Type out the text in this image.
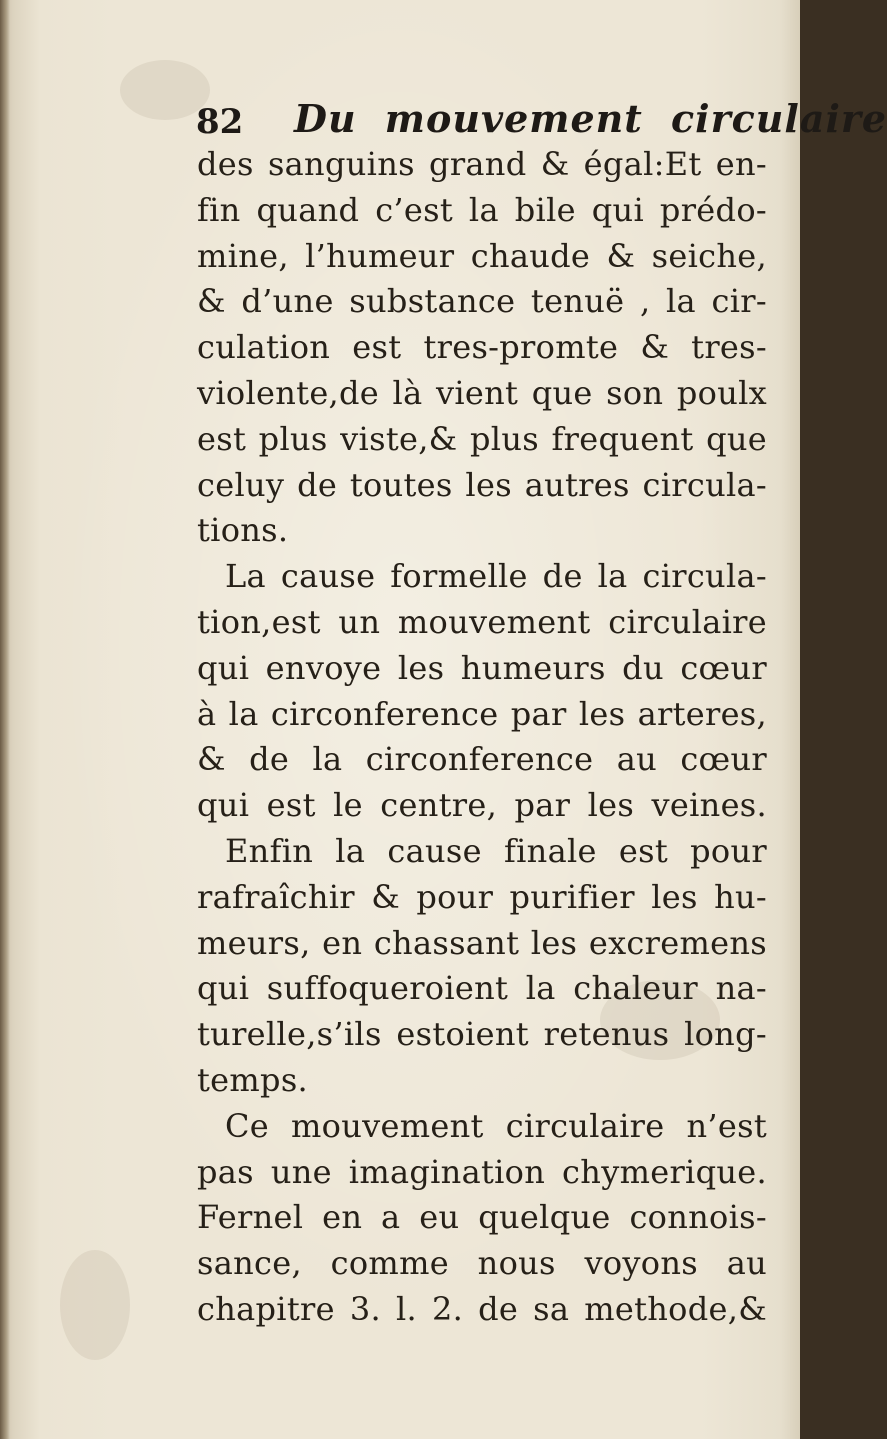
82 Du mouvement circulaire
des sanguins grand & égal:Et en-
fin quand c’est la bile qui prédo-
mine, l’humeur chaude & seiche,
& d’une substance tenuë , la cir-
culation est tres-promte & tres-
violente,de là vient que son poulx
est plus viste,& plus frequent que
celuy de toutes les autres circula-
tions.
La cause formelle de la circula-
tion,est un mouvement circulaire
qui envoye les humeurs du cœur
à la circonference par les arteres,
& de la circonference au cœur
qui est le centre, par les veines.
Enfin la cause finale est pour
rafraîchir & pour purifier les hu-
meurs, en chassant les excremens
qui suffoqueroient la chaleur na-
turelle,s’ils estoient retenus long-
temps.
Ce mouvement circulaire n’est
pas une imagination chymerique.
Fernel en a eu quelque connois-
sance, comme nous voyons au
chapitre 3. l. 2. de sa methode,&
